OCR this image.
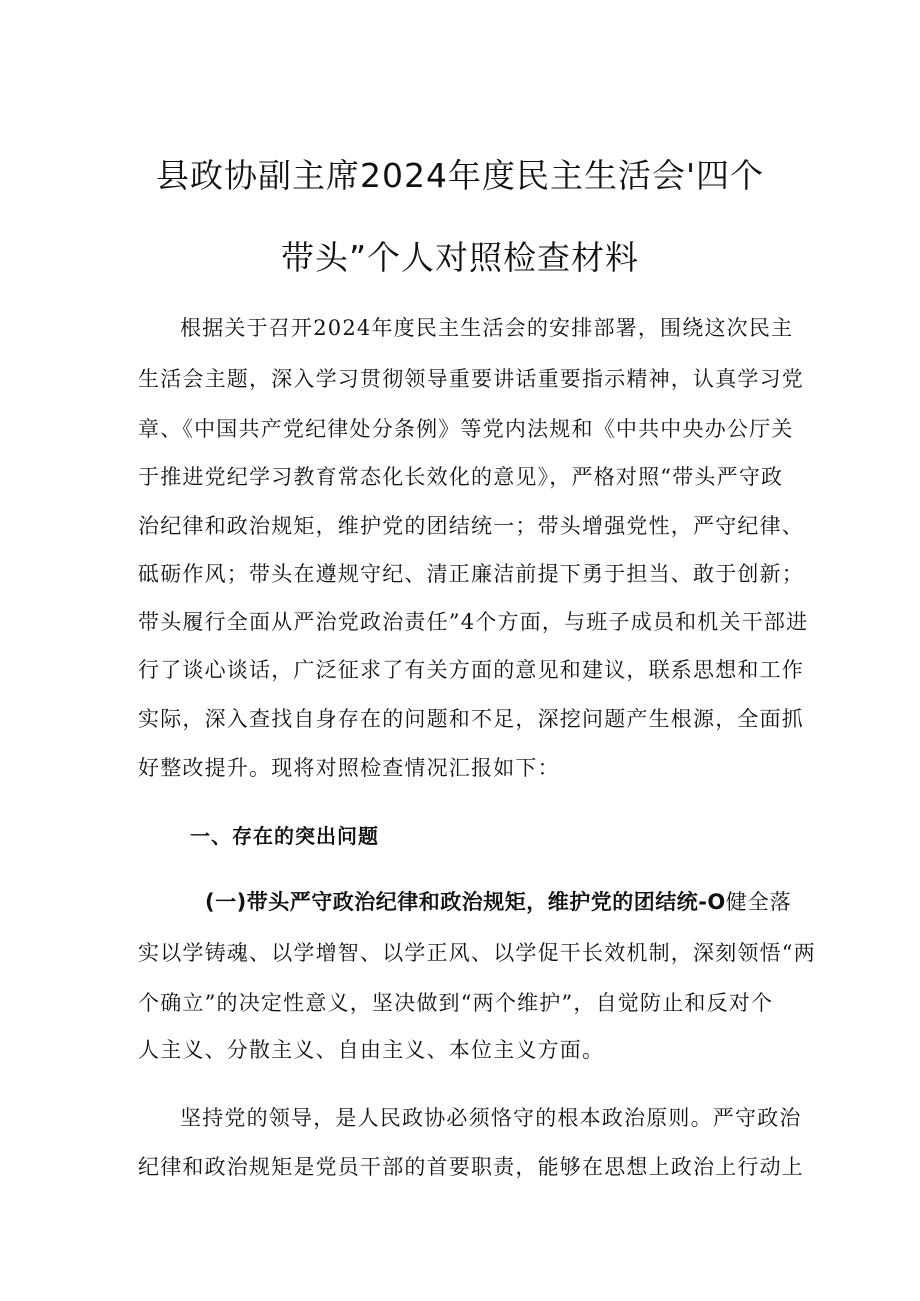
县政协副主席2024年度民主生活会'四个
带头”个人对照检查材料
根据关于召开2024年度民主生活会的安排部署，围绕这次民主
生活会主题，深入学习贯彻领导重要讲话重要指示精神，认真学习党
章、《中国共产党纪律处分条例》等党内法规和《中共中央办公厅关
于推进党纪学习教育常态化长效化的意见》，严格对照“带头严守政
治纪律和政治规矩，维护党的团结统一；带头增强党性，严守纪律、
砥砺作风；带头在遵规守纪、清正廉洁前提下勇于担当、敢于创新；
带头履行全面从严治党政治责任”4个方面，与班子成员和机关干部进
行了谈心谈话，广泛征求了有关方面的意见和建议，联系思想和工作
实际，深入查找自身存在的问题和不足，深挖问题产生根源，全面抓
好整改提升。现将对照检查情况汇报如下：
一、存在的突出问题
(一)带头严守政治纪律和政治规矩，维护党的团结统-O健全落
实以学铸魂、以学增智、以学正风、以学促干长效机制，深刻领悟“两
个确立”的决定性意义，坚决做到“两个维护”，自觉防止和反对个
人主义、分散主义、自由主义、本位主义方面。
坚持党的领导，是人民政协必须恪守的根本政治原则。严守政治
纪律和政治规矩是党员干部的首要职责，能够在思想上政治上行动上
